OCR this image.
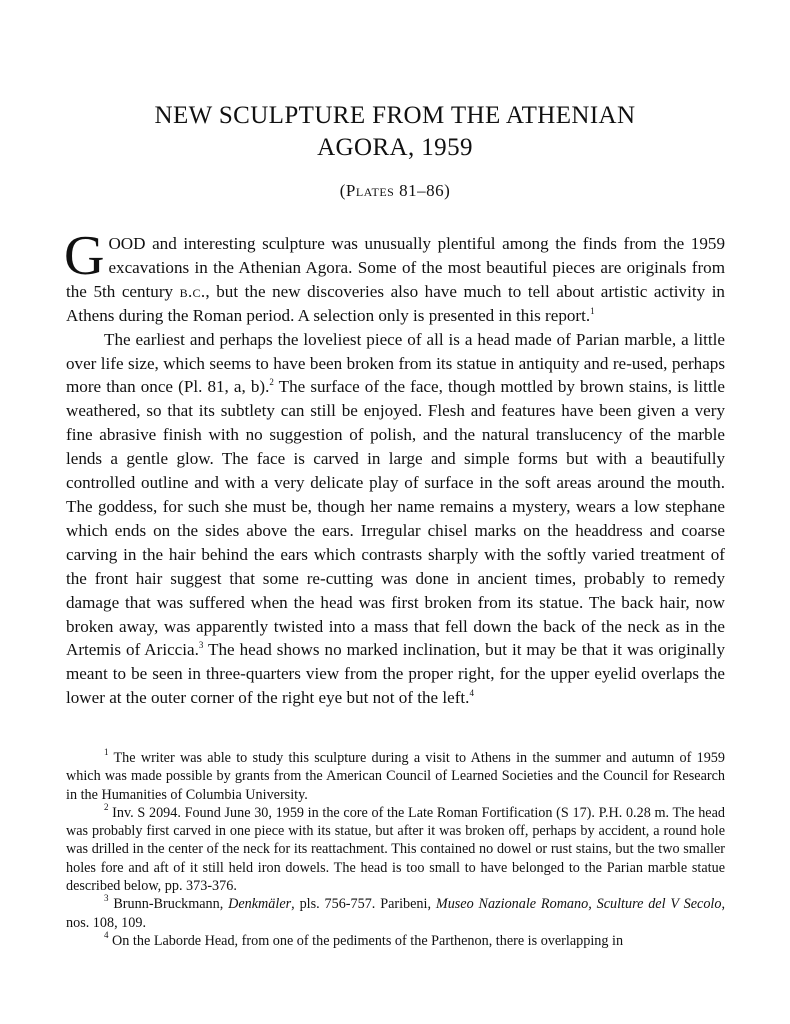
NEW SCULPTURE FROM THE ATHENIAN
AGORA, 1959
(Plates 81–86)

GOOD and interesting sculpture was unusually plentiful among the finds from the 1959 excavations in the Athenian Agora. Some of the most beautiful pieces are originals from the 5th century b.c., but the new discoveries also have much to tell about artistic activity in Athens during the Roman period. A selection only is presented in this report.$^1$

The earliest and perhaps the loveliest piece of all is a head made of Parian marble, a little over life size, which seems to have been broken from its statue in antiquity and re-used, perhaps more than once (Pl. 81, a, b).$^2$ The surface of the face, though mottled by brown stains, is little weathered, so that its subtlety can still be enjoyed. Flesh and features have been given a very fine abrasive finish with no suggestion of polish, and the natural translucency of the marble lends a gentle glow. The face is carved in large and simple forms but with a beautifully controlled outline and with a very delicate play of surface in the soft areas around the mouth. The goddess, for such she must be, though her name remains a mystery, wears a low stephane which ends on the sides above the ears. Irregular chisel marks on the headdress and coarse carving in the hair behind the ears which contrasts sharply with the softly varied treatment of the front hair suggest that some re-cutting was done in ancient times, probably to remedy damage that was suffered when the head was first broken from its statue. The back hair, now broken away, was apparently twisted into a mass that fell down the back of the neck as in the Artemis of Ariccia.$^3$ The head shows no marked inclination, but it may be that it was originally meant to be seen in three-quarters view from the proper right, for the upper eyelid overlaps the lower at the outer corner of the right eye but not of the left.$^4$

$^1$ The writer was able to study this sculpture during a visit to Athens in the summer and autumn of 1959 which was made possible by grants from the American Council of Learned Societies and the Council for Research in the Humanities of Columbia University.

$^2$ Inv. S 2094. Found June 30, 1959 in the core of the Late Roman Fortification (S 17). P.H. 0.28 m. The head was probably first carved in one piece with its statue, but after it was broken off, perhaps by accident, a round hole was drilled in the center of the neck for its reattachment. This contained no dowel or rust stains, but the two smaller holes fore and aft of it still held iron dowels. The head is too small to have belonged to the Parian marble statue described below, pp. 373-376.

$^3$ Brunn-Bruckmann, Denkmäler, pls. 756-757. Paribeni, Museo Nazionale Romano, Sculture del V Secolo, nos. 108, 109.

$^4$ On the Laborde Head, from one of the pediments of the Parthenon, there is overlapping in
